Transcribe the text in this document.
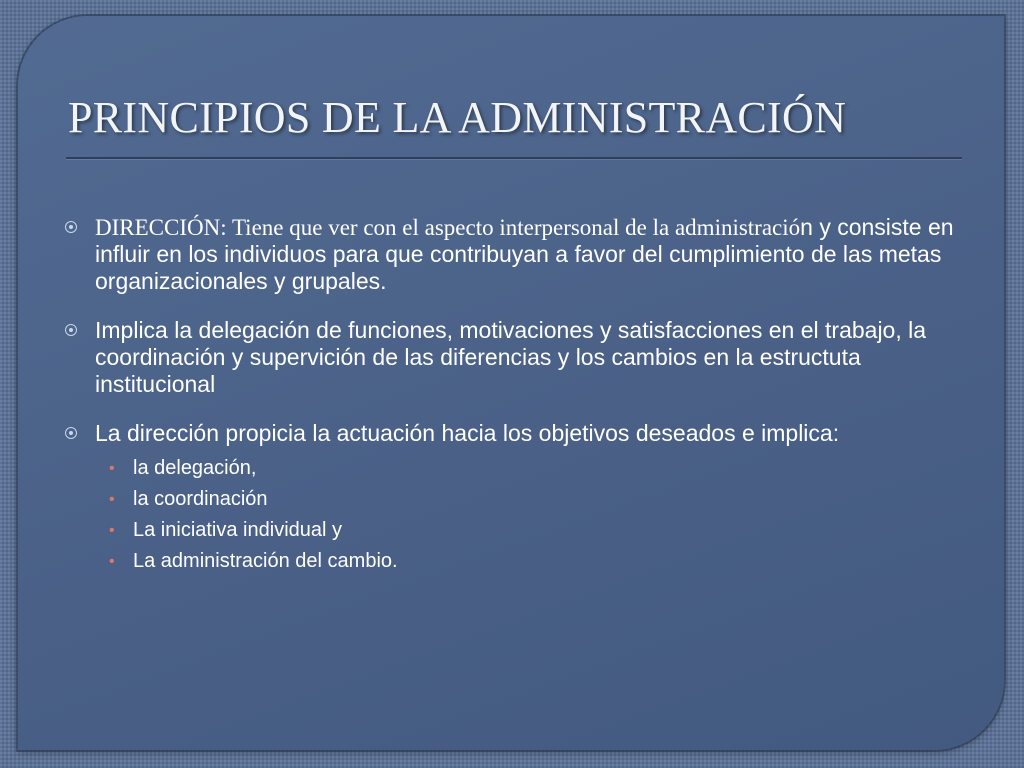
PRINCIPIOS DE LA ADMINISTRACIÓN
DIRECCIÓN: Tiene que ver con el aspecto interpersonal de la administración y consiste en influir en los individuos para que contribuyan a favor del cumplimiento de las metas organizacionales y grupales.
Implica la delegación de funciones, motivaciones y satisfacciones en el trabajo, la coordinación y supervición de las diferencias y los cambios en la estructuta institucional
La dirección propicia la actuación hacia los objetivos deseados e implica:
• la delegación,
• la coordinación
• La iniciativa individual y
• La administración del cambio.
